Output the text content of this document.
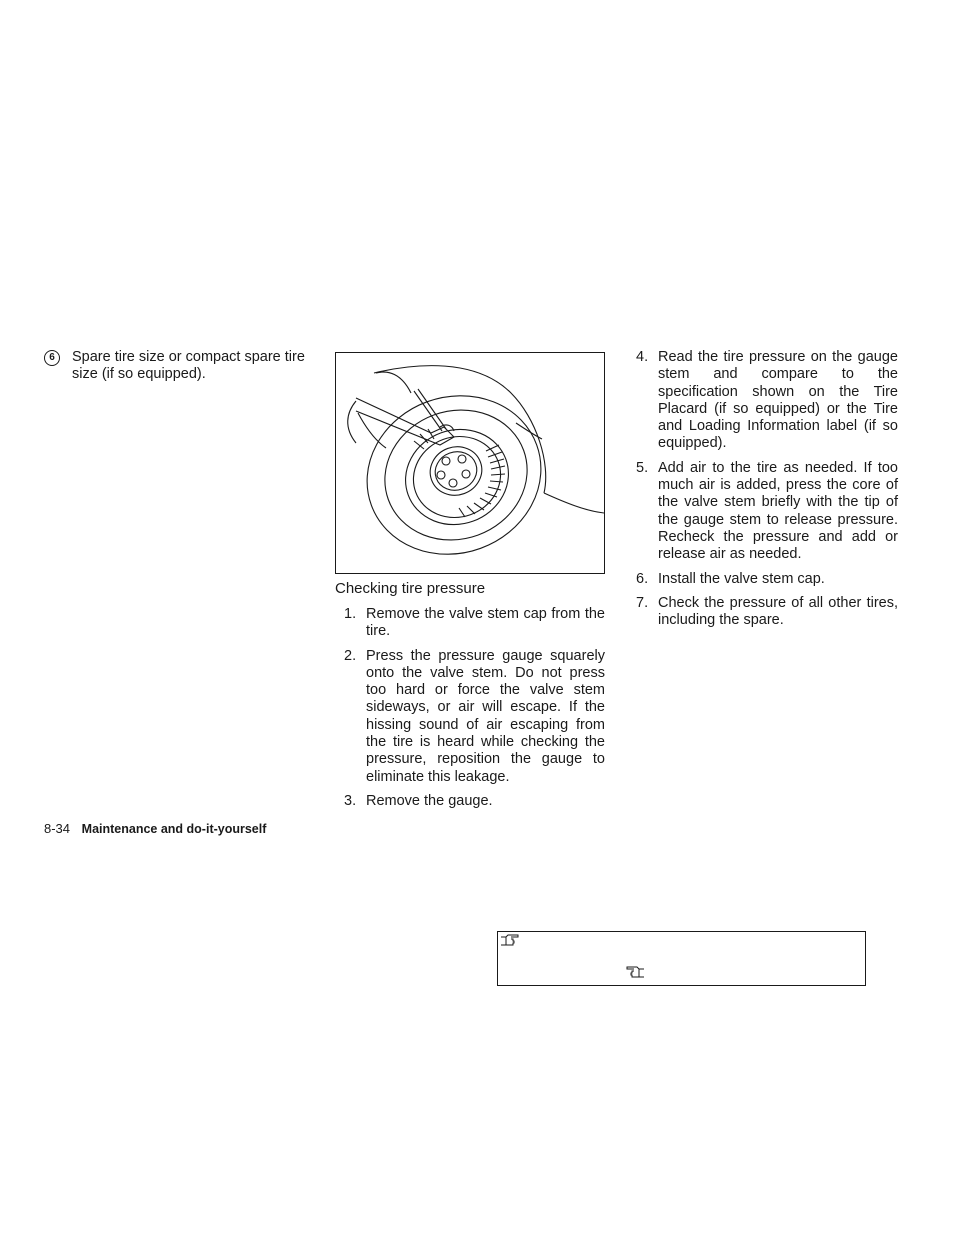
6	Spare tire size or compact spare tire size (if so equipped).
Checking tire pressure
1. Remove the valve stem cap from the tire.
2. Press the pressure gauge squarely onto the valve stem. Do not press too hard or force the valve stem sideways, or air will escape. If the hissing sound of air escaping from the tire is heard while checking the pressure, reposition the gauge to eliminate this leakage.
3. Remove the gauge.
4. Read the tire pressure on the gauge stem and compare to the specification shown on the Tire Placard (if so equipped) or the Tire and Loading Information label (if so equipped).
5. Add air to the tire as needed. If too much air is added, press the core of the valve stem briefly with the tip of the gauge stem to release pressure. Recheck the pressure and add or release air as needed.
6. Install the valve stem cap.
7. Check the pressure of all other tires, including the spare.
8-34 Maintenance and do-it-yourself
